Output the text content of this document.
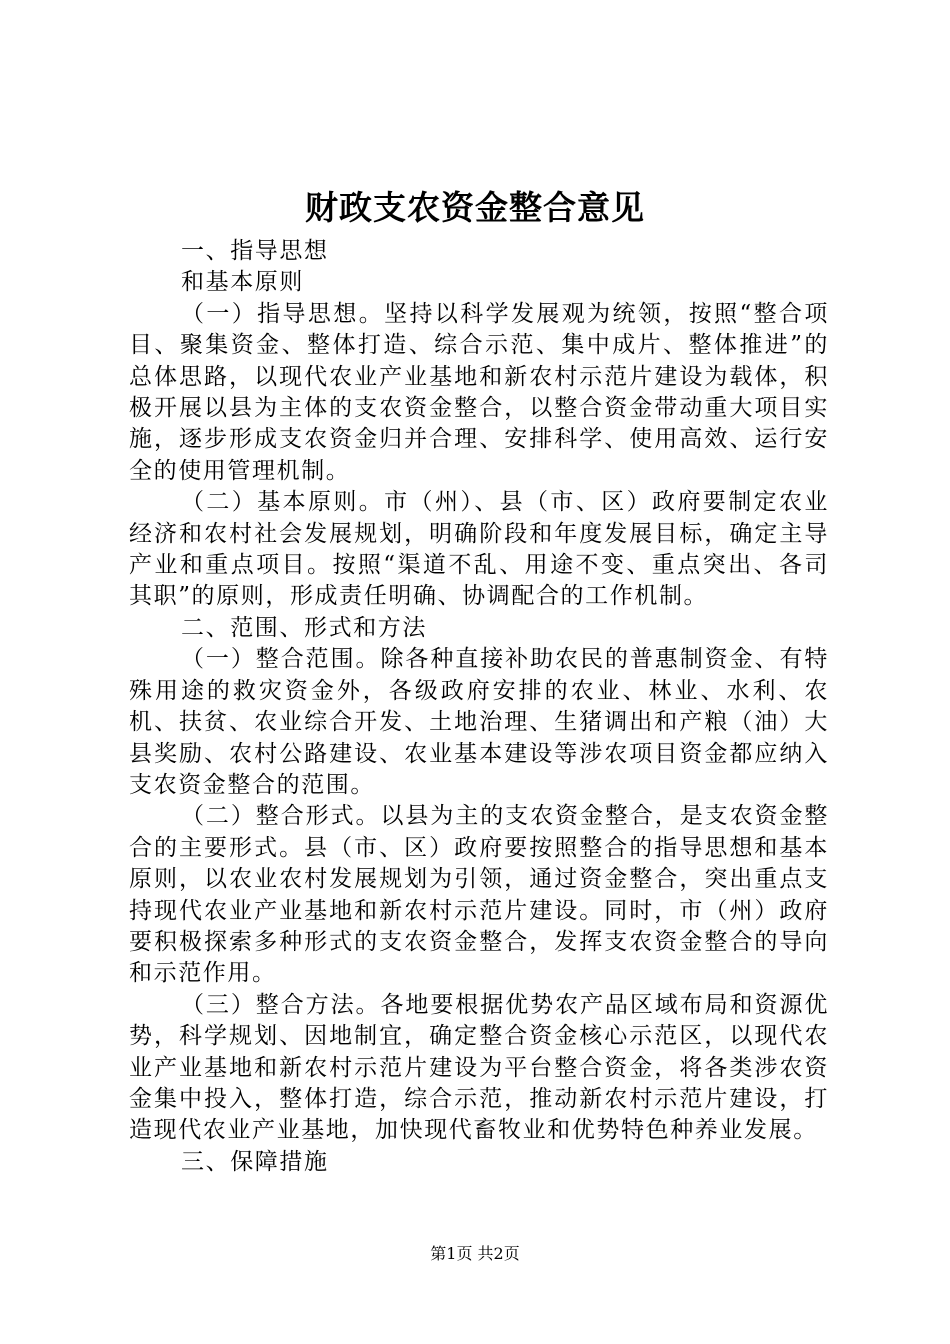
财政支农资金整合意见

一、指导思想

和基本原则

（一）指导思想。坚持以科学发展观为统领，按照“整合项目、聚集资金、整体打造、综合示范、集中成片、整体推进”的总体思路，以现代农业产业基地和新农村示范片建设为载体，积极开展以县为主体的支农资金整合，以整合资金带动重大项目实施，逐步形成支农资金归并合理、安排科学、使用高效、运行安全的使用管理机制。

（二）基本原则。市（州）、县（市、区）政府要制定农业经济和农村社会发展规划，明确阶段和年度发展目标，确定主导产业和重点项目。按照“渠道不乱、用途不变、重点突出、各司其职”的原则，形成责任明确、协调配合的工作机制。

二、范围、形式和方法

（一）整合范围。除各种直接补助农民的普惠制资金、有特殊用途的救灾资金外，各级政府安排的农业、林业、水利、农机、扶贫、农业综合开发、土地治理、生猪调出和产粮（油）大县奖励、农村公路建设、农业基本建设等涉农项目资金都应纳入支农资金整合的范围。

（二）整合形式。以县为主的支农资金整合，是支农资金整合的主要形式。县（市、区）政府要按照整合的指导思想和基本原则，以农业农村发展规划为引领，通过资金整合，突出重点支持现代农业产业基地和新农村示范片建设。同时，市（州）政府要积极探索多种形式的支农资金整合，发挥支农资金整合的导向和示范作用。

（三）整合方法。各地要根据优势农产品区域布局和资源优势，科学规划、因地制宜，确定整合资金核心示范区，以现代农业产业基地和新农村示范片建设为平台整合资金，将各类涉农资金集中投入，整体打造，综合示范，推动新农村示范片建设，打造现代农业产业基地，加快现代畜牧业和优势特色种养业发展。

三、保障措施

第1页 共2页
